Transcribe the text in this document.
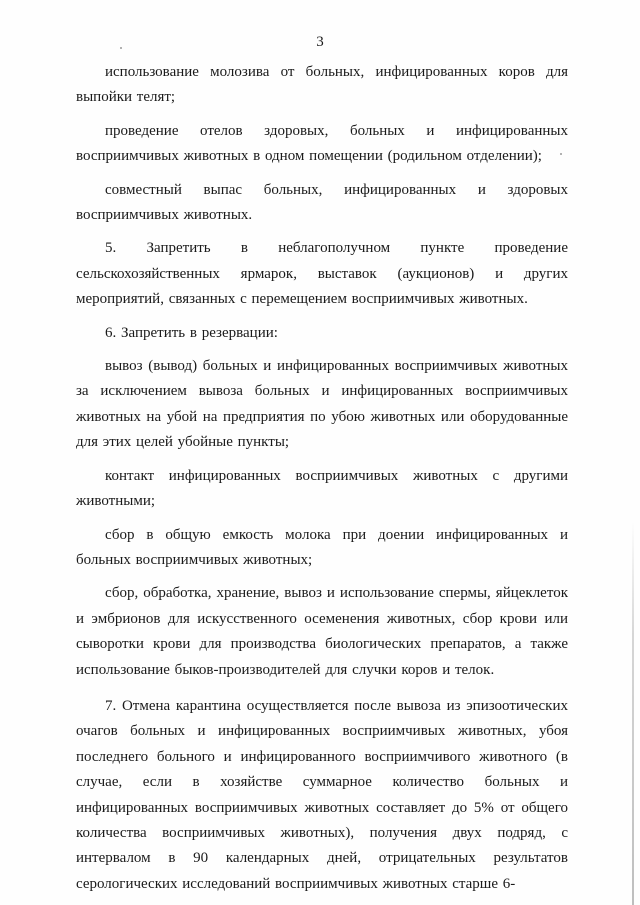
3

использование молозива от больных, инфицированных коров для выпойки телят;

проведение отелов здоровых, больных и инфицированных восприимчивых животных в одном помещении (родильном отделении);

совместный выпас больных, инфицированных и здоровых восприимчивых животных.

5. Запретить в неблагополучном пункте проведение сельскохозяйственных ярмарок, выставок (аукционов) и других мероприятий, связанных с перемещением восприимчивых животных.

6. Запретить в резервации:

вывоз (вывод) больных и инфицированных восприимчивых животных за исключением вывоза больных и инфицированных восприимчивых животных на убой на предприятия по убою животных или оборудованные для этих целей убойные пункты;

контакт инфицированных восприимчивых животных с другими животными;

сбор в общую емкость молока при доении инфицированных и больных восприимчивых животных;

сбор, обработка, хранение, вывоз и использование спермы, яйцеклеток и эмбрионов для искусственного осеменения животных, сбор крови или сыворотки крови для производства биологических препаратов, а также использование быков-производителей для случки коров и телок.

7. Отмена карантина осуществляется после вывоза из эпизоотических очагов больных и инфицированных восприимчивых животных, убоя последнего больного и инфицированного восприимчивого животного (в случае, если в хозяйстве суммарное количество больных и инфицированных восприимчивых животных составляет до 5% от общего количества восприимчивых животных), получения двух подряд, с интервалом в 90 календарных дней, отрицательных результатов серологических исследований восприимчивых животных старше 6-
